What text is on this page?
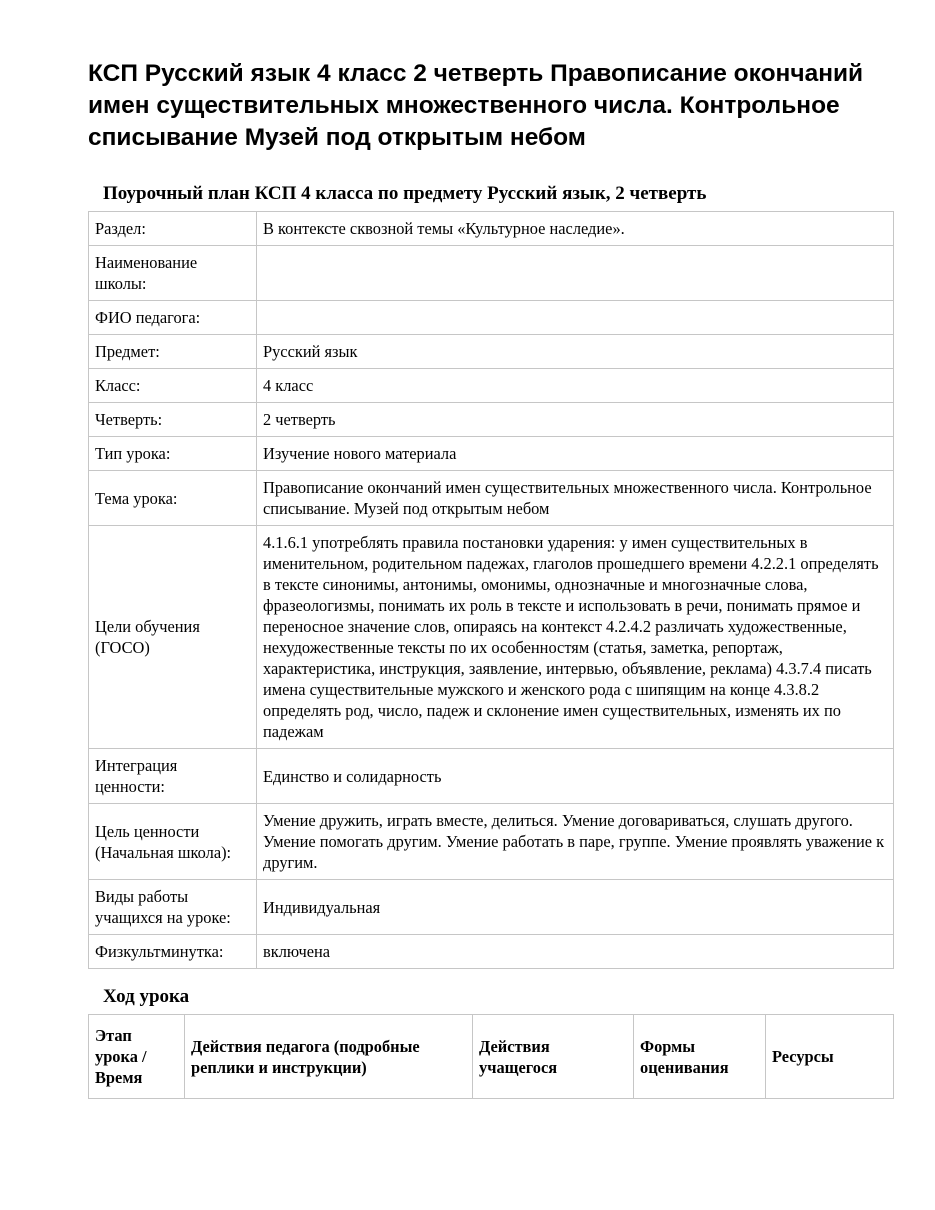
КСП Русский язык 4 класс 2 четверть Правописание окончаний имен существительных множественного числа. Контрольное списывание Музей под открытым небом
Поурочный план КСП 4 класса по предмету Русский язык, 2 четверть
Раздел:	В контексте сквозной темы «Культурное наследие».
Наименование школы:	
ФИО педагога:	
Предмет:	Русский язык
Класс:	4 класс
Четверть:	2 четверть
Тип урока:	Изучение нового материала
Тема урока:	Правописание окончаний имен существительных множественного числа. Контрольное списывание. Музей под открытым небом
Цели обучения (ГОСО)	4.1.6.1 употреблять правила постановки ударения: у имен существительных в именительном, родительном падежах, глаголов прошедшего времени 4.2.2.1 определять в тексте синонимы, антонимы, омонимы, однозначные и многозначные слова, фразеологизмы, понимать их роль в тексте и использовать в речи, понимать прямое и переносное значение слов, опираясь на контекст 4.2.4.2 различать художественные, нехудожественные тексты по их особенностям (статья, заметка, репортаж, характеристика, инструкция, заявление, интервью, объявление, реклама) 4.3.7.4 писать имена существительные мужского и женского рода с шипящим на конце 4.3.8.2 определять род, число, падеж и склонение имен существительных, изменять их по падежам
Интеграция ценности:	Единство и солидарность
Цель ценности (Начальная школа):	Умение дружить, играть вместе, делиться. Умение договариваться, слушать другого. Умение помогать другим. Умение работать в паре, группе. Умение проявлять уважение к другим.
Виды работы учащихся на уроке:	Индивидуальная
Физкультминутка:	включена
Ход урока
Этап урока / Время	Действия педагога (подробные реплики и инструкции)	Действия учащегося	Формы оценивания	Ресурсы
